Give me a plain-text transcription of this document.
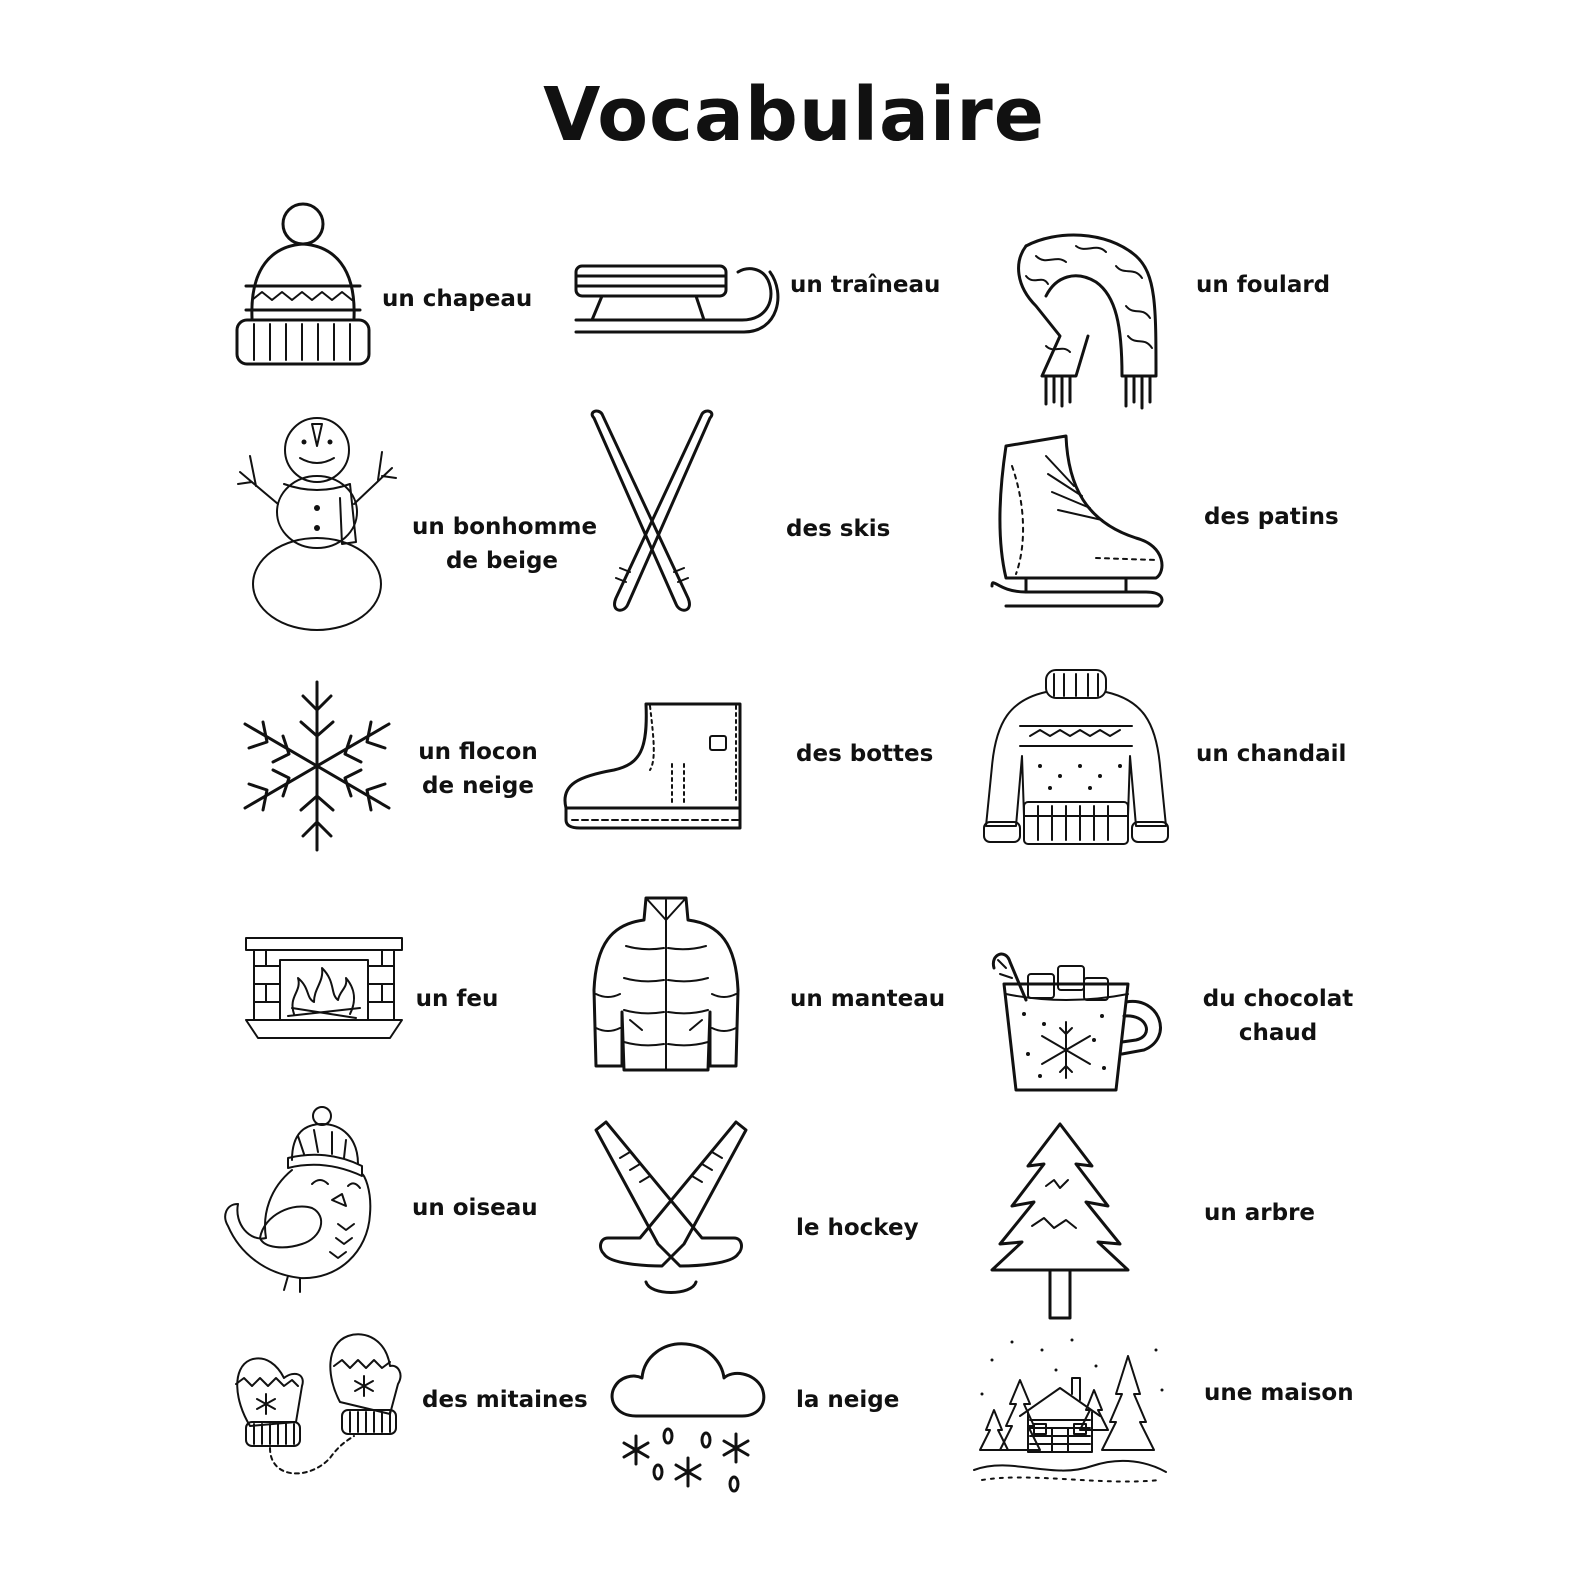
Vocabulaire
un chapeau
un traîneau	un foulard
un bonhomme
de beige
des skis	des patins
un flocon
de neige
des bottes	un chandail
un feu	un manteau	du chocolat
chaud
un oiseau
le hockey
un arbre
des mitaines	la neige	une maison
